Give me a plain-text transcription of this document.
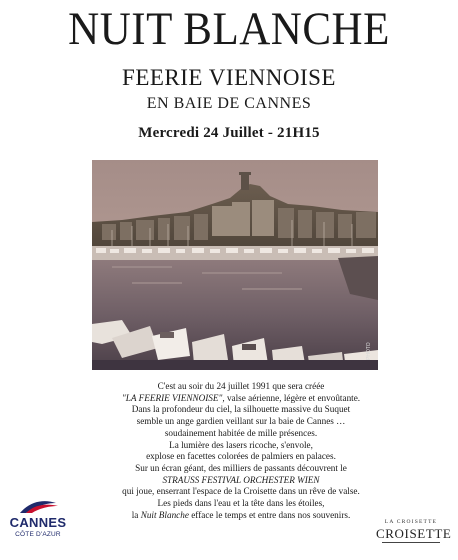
NUIT BLANCHE
FEERIE VIENNOISE
EN BAIE DE CANNES
Mercredi 24 Juillet - 21H15
PHOTO
C'est au soir du 24 juillet 1991 que sera créée
"LA FEERIE VIENNOISE", valse aérienne, légère et envoûtante.
Dans la profondeur du ciel, la silhouette massive du Suquet
semble un ange gardien veillant sur la baie de Cannes …
soudainement habitée de mille présences.
La lumière des lasers ricoche, s'envole,
explose en facettes colorées de palmiers en palaces.
Sur un écran géant, des milliers de passants découvrent le
STRAUSS FESTIVAL ORCHESTER WIEN
qui joue, enserrant l'espace de la Croisette dans un rêve de valse.
Les pieds dans l'eau et la tête dans les étoiles,
la Nuit Blanche efface le temps et entre dans nos souvenirs.
CANNES
CÔTE D'AZUR
LA CROISETTE
CROISETTE
